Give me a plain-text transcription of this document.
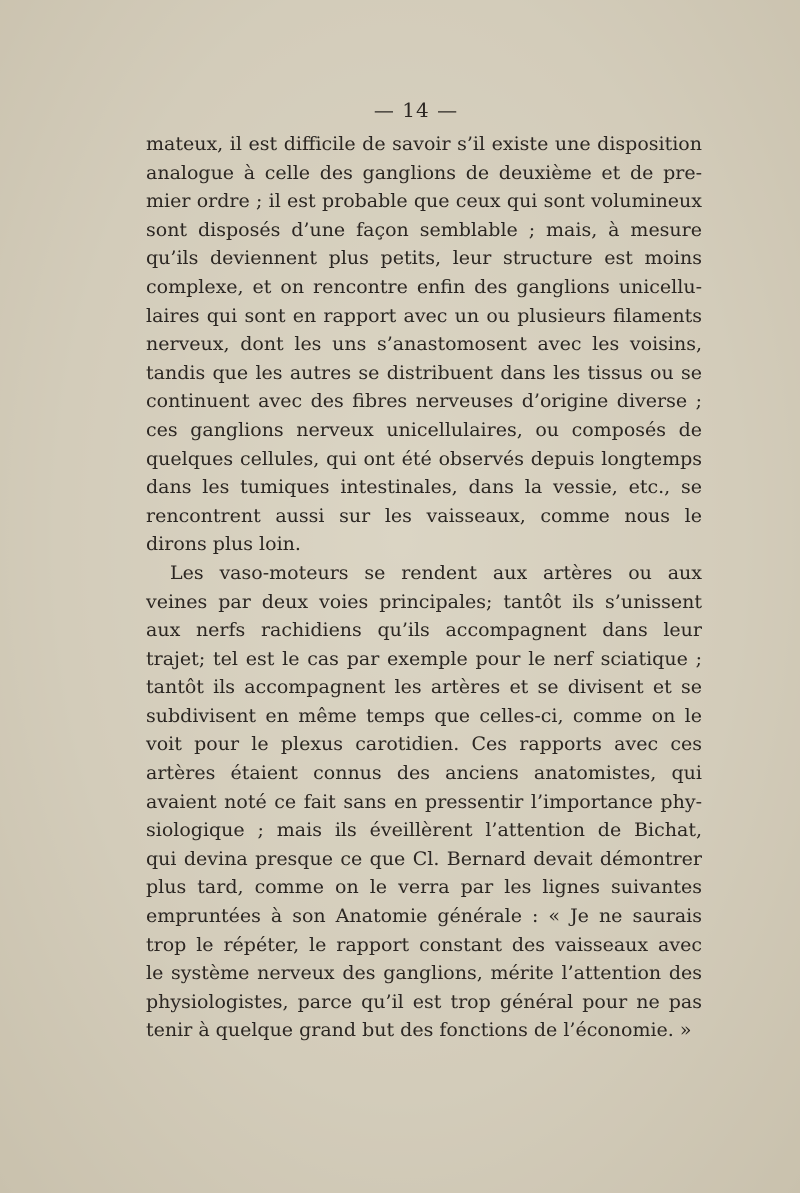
— 14 —
mateux, il est difficile de savoir s’il existe une disposition
analogue à celle des ganglions de deuxième et de pre-
mier ordre ; il est probable que ceux qui sont volumineux
sont disposés d’une façon semblable ; mais, à mesure
qu’ils deviennent plus petits, leur structure est moins
complexe, et on rencontre enfin des ganglions unicellu-
laires qui sont en rapport avec un ou plusieurs filaments
nerveux, dont les uns s’anastomosent avec les voisins,
tandis que les autres se distribuent dans les tissus ou se
continuent avec des fibres nerveuses d’origine diverse ;
ces ganglions nerveux unicellulaires, ou composés de
quelques cellules, qui ont été observés depuis longtemps
dans les tumiques intestinales, dans la vessie, etc., se
rencontrent aussi sur les vaisseaux, comme nous le
dirons plus loin.
Les vaso-moteurs se rendent aux artères ou aux
veines par deux voies principales; tantôt ils s’unissent
aux nerfs rachidiens qu’ils accompagnent dans leur
trajet; tel est le cas par exemple pour le nerf sciatique ;
tantôt ils accompagnent les artères et se divisent et se
subdivisent en même temps que celles-ci, comme on le
voit pour le plexus carotidien. Ces rapports avec ces
artères étaient connus des anciens anatomistes, qui
avaient noté ce fait sans en pressentir l’importance phy-
siologique ; mais ils éveillèrent l’attention de Bichat,
qui devina presque ce que Cl. Bernard devait démontrer
plus tard, comme on le verra par les lignes suivantes
empruntées à son Anatomie générale : « Je ne saurais
trop le répéter, le rapport constant des vaisseaux avec
le système nerveux des ganglions, mérite l’attention des
physiologistes, parce qu’il est trop général pour ne pas
tenir à quelque grand but des fonctions de l’économie. »
